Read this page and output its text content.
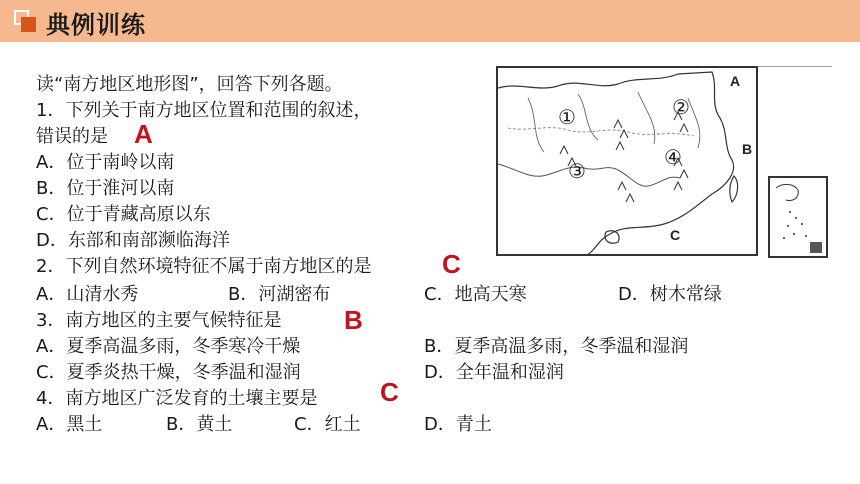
典例训练
读“南方地区地形图”，回答下列各题。
1．下列关于南方地区位置和范围的叙述，
错误的是 A
A．位于南岭以南
B．位于淮河以南
C．位于青藏高原以东
D．东部和南部濒临海洋
2．下列自然环境特征不属于南方地区的是	C
A．山清水秀	B．河湖密布	C．地高天寒	D．树木常绿
3．南方地区的主要气候特征是 B
A．夏季高温多雨，冬季寒冷干燥	B．夏季高温多雨，冬季温和湿润
C．夏季炎热干燥，冬季温和湿润	D．全年温和湿润
4．南方地区广泛发育的土壤主要是 C
A．黑土	B．黄土	C．红土	D．青土
①	②
③
④
A
B
C
